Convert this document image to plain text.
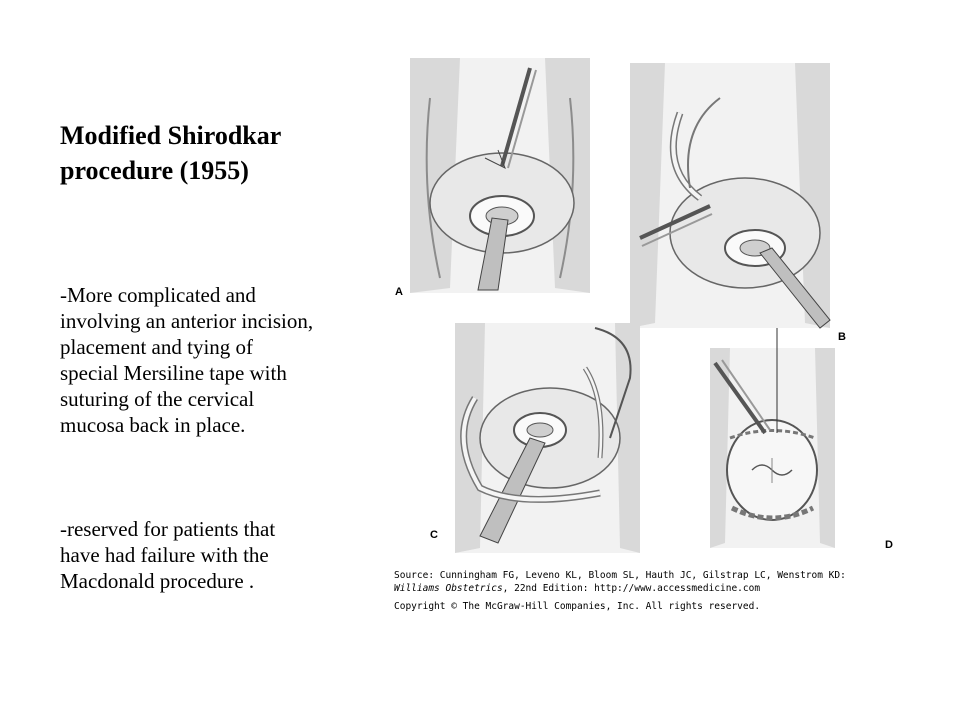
Modified Shirodkar procedure (1955)
-More complicated and
involving an anterior incision,
placement and tying of
special Mersiline tape with
suturing of the cervical
mucosa back in place.
-reserved for patients that
have had failure with the
Macdonald procedure .
A
B
C
D
Source: Cunningham FG, Leveno KL, Bloom SL, Hauth JC, Gilstrap LC, Wenstrom KD:
Williams Obstetrics, 22nd Edition: http://www.accessmedicine.com
Copyright © The McGraw-Hill Companies, Inc. All rights reserved.
